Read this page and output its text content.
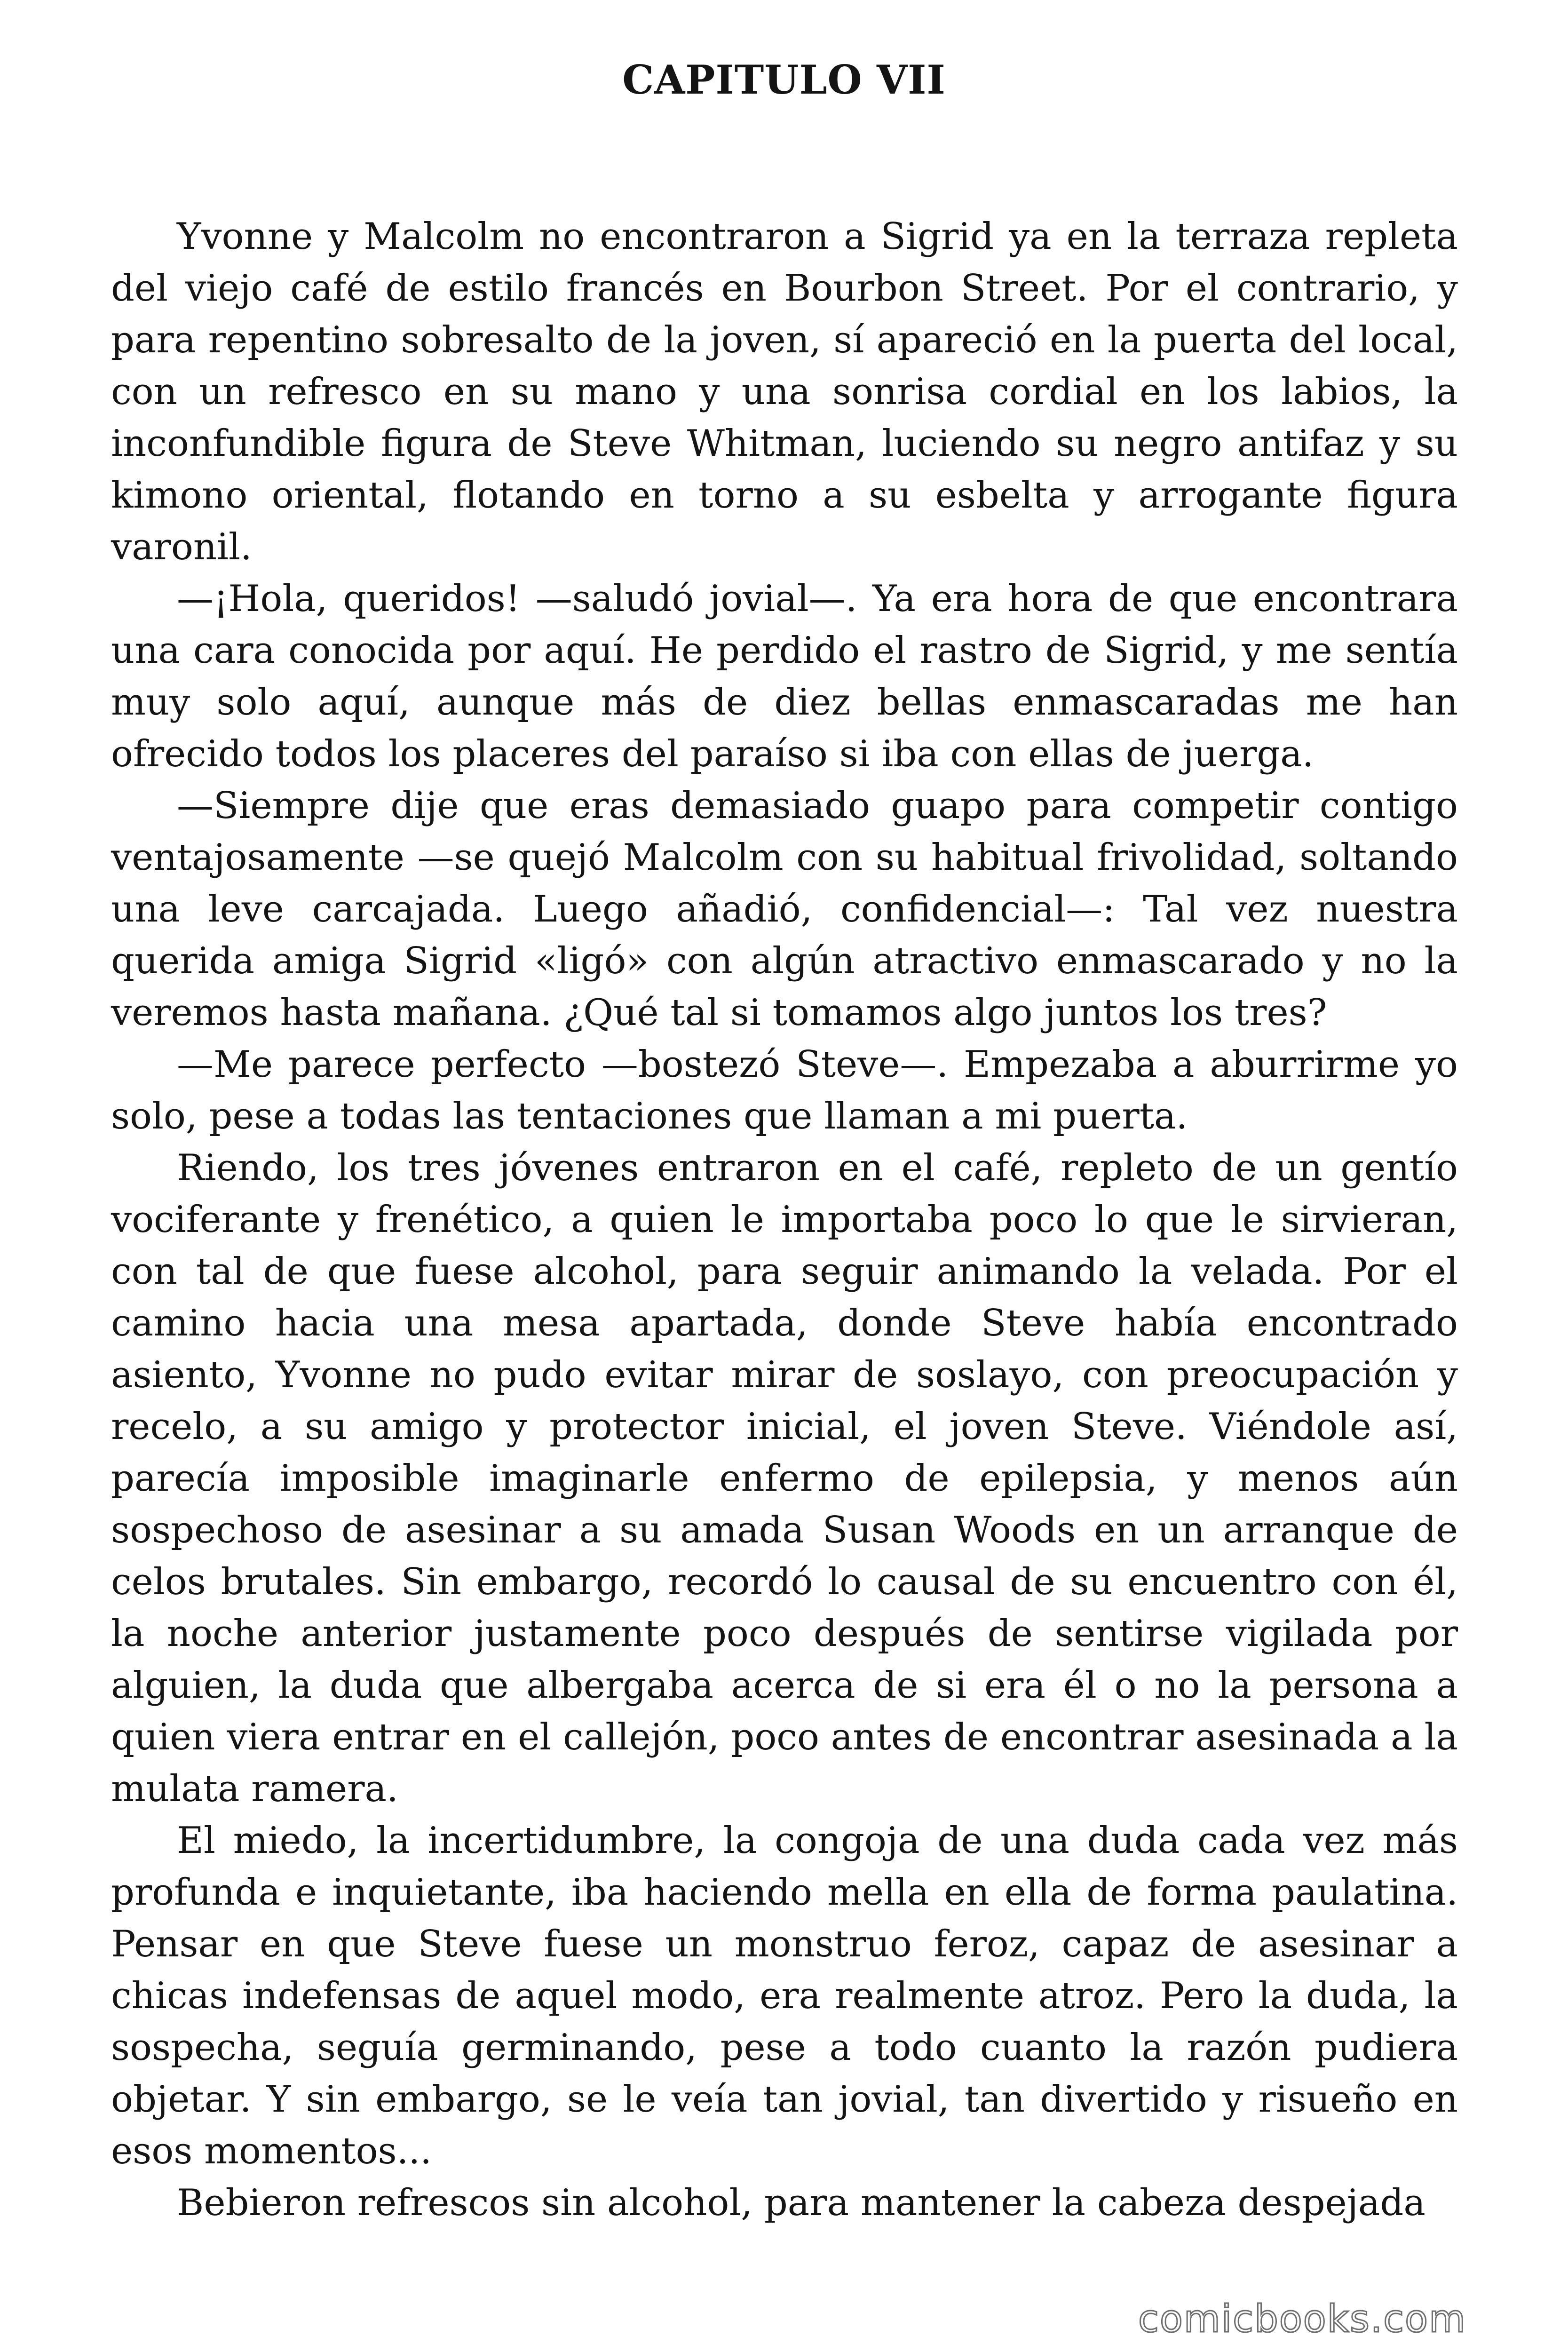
CAPITULO VII

Yvonne y Malcolm no encontraron a Sigrid ya en la terraza repleta del viejo café de estilo francés en Bourbon Street. Por el contrario, y para repentino sobresalto de la joven, sí apareció en la puerta del local, con un refresco en su mano y una sonrisa cordial en los labios, la inconfundible figura de Steve Whitman, luciendo su negro antifaz y su kimono oriental, flotando en torno a su esbelta y arrogante figura varonil.

—¡Hola, queridos! —saludó jovial—. Ya era hora de que encontrara una cara conocida por aquí. He perdido el rastro de Sigrid, y me sentía muy solo aquí, aunque más de diez bellas enmascaradas me han ofrecido todos los placeres del paraíso si iba con ellas de juerga.

—Siempre dije que eras demasiado guapo para competir contigo ventajosamente —se quejó Malcolm con su habitual frivolidad, soltando una leve carcajada. Luego añadió, confidencial—: Tal vez nuestra querida amiga Sigrid «ligó» con algún atractivo enmascarado y no la veremos hasta mañana. ¿Qué tal si tomamos algo juntos los tres?

—Me parece perfecto —bostezó Steve—. Empezaba a aburrirme yo solo, pese a todas las tentaciones que llaman a mi puerta.

Riendo, los tres jóvenes entraron en el café, repleto de un gentío vociferante y frenético, a quien le importaba poco lo que le sirvieran, con tal de que fuese alcohol, para seguir animando la velada. Por el camino hacia una mesa apartada, donde Steve había encontrado asiento, Yvonne no pudo evitar mirar de soslayo, con preocupación y recelo, a su amigo y protector inicial, el joven Steve. Viéndole así, parecía imposible imaginarle enfermo de epilepsia, y menos aún sospechoso de asesinar a su amada Susan Woods en un arranque de celos brutales. Sin embargo, recordó lo causal de su encuentro con él, la noche anterior justamente poco después de sentirse vigilada por alguien, la duda que albergaba acerca de si era él o no la persona a quien viera entrar en el callejón, poco antes de encontrar asesinada a la mulata ramera.

El miedo, la incertidumbre, la congoja de una duda cada vez más profunda e inquietante, iba haciendo mella en ella de forma paulatina. Pensar en que Steve fuese un monstruo feroz, capaz de asesinar a chicas indefensas de aquel modo, era realmente atroz. Pero la duda, la sospecha, seguía germinando, pese a todo cuanto la razón pudiera objetar. Y sin embargo, se le veía tan jovial, tan divertido y risueño en esos momentos...

Bebieron refrescos sin alcohol, para mantener la cabeza despejada

comicbooks.com
